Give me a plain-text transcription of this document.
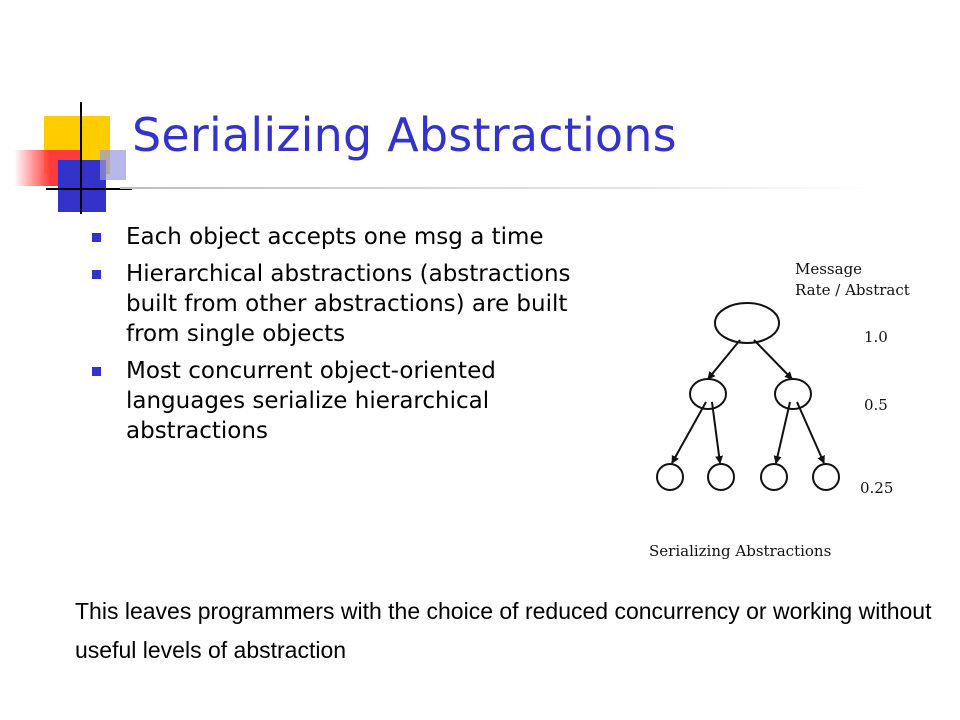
Serializing Abstractions
Each object accepts one msg a time
Hierarchical abstractions (abstractions built from other abstractions) are built from single objects
Most concurrent object-oriented languages serialize hierarchical abstractions
Message
Rate / Abstract
1.0
0.5
0.25
Serializing Abstractions

This leaves programmers with the choice of reduced concurrency or working without useful levels of abstraction
